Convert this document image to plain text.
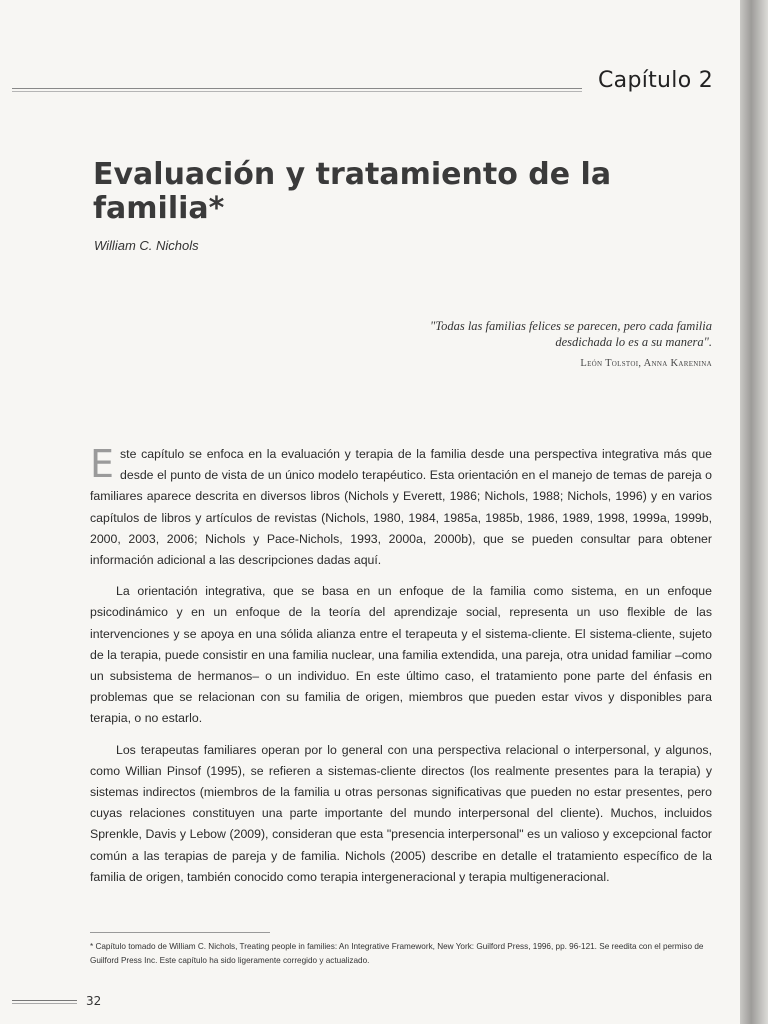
Capítulo 2
Evaluación y tratamiento de la familia*
William C. Nichols
"Todas las familias felices se parecen, pero cada familia desdichada lo es a su manera".
León Tolstoi, Anna Karenina

Este capítulo se enfoca en la evaluación y terapia de la familia desde una perspectiva integrativa más que desde el punto de vista de un único modelo terapéutico. Esta orientación en el manejo de temas de pareja o familiares aparece descrita en diversos libros (Nichols y Everett, 1986; Nichols, 1988; Nichols, 1996) y en varios capítulos de libros y artículos de revistas (Nichols, 1980, 1984, 1985a, 1985b, 1986, 1989, 1998, 1999a, 1999b, 2000, 2003, 2006; Nichols y Pace-Nichols, 1993, 2000a, 2000b), que se pueden consultar para obtener información adicional a las descripciones dadas aquí.

La orientación integrativa, que se basa en un enfoque de la familia como sistema, en un enfoque psicodinámico y en un enfoque de la teoría del aprendizaje social, representa un uso flexible de las intervenciones y se apoya en una sólida alianza entre el terapeuta y el sistema-cliente. El sistema-cliente, sujeto de la terapia, puede consistir en una familia nuclear, una familia extendida, una pareja, otra unidad familiar –como un subsistema de hermanos– o un individuo. En este último caso, el tratamiento pone parte del énfasis en problemas que se relacionan con su familia de origen, miembros que pueden estar vivos y disponibles para terapia, o no estarlo.

Los terapeutas familiares operan por lo general con una perspectiva relacional o interpersonal, y algunos, como Willian Pinsof (1995), se refieren a sistemas-cliente directos (los realmente presentes para la terapia) y sistemas indirectos (miembros de la familia u otras personas significativas que pueden no estar presentes, pero cuyas relaciones constituyen una parte importante del mundo interpersonal del cliente). Muchos, incluidos Sprenkle, Davis y Lebow (2009), consideran que esta "presencia interpersonal" es un valioso y excepcional factor común a las terapias de pareja y de familia. Nichols (2005) describe en detalle el tratamiento específico de la familia de origen, también conocido como terapia intergeneracional y terapia multigeneracional.

* Capítulo tomado de William C. Nichols, Treating people in families: An Integrative Framework, New York: Guilford Press, 1996, pp. 96-121. Se reedita con el permiso de Guilford Press Inc. Este capítulo ha sido ligeramente corregido y actualizado.
32
